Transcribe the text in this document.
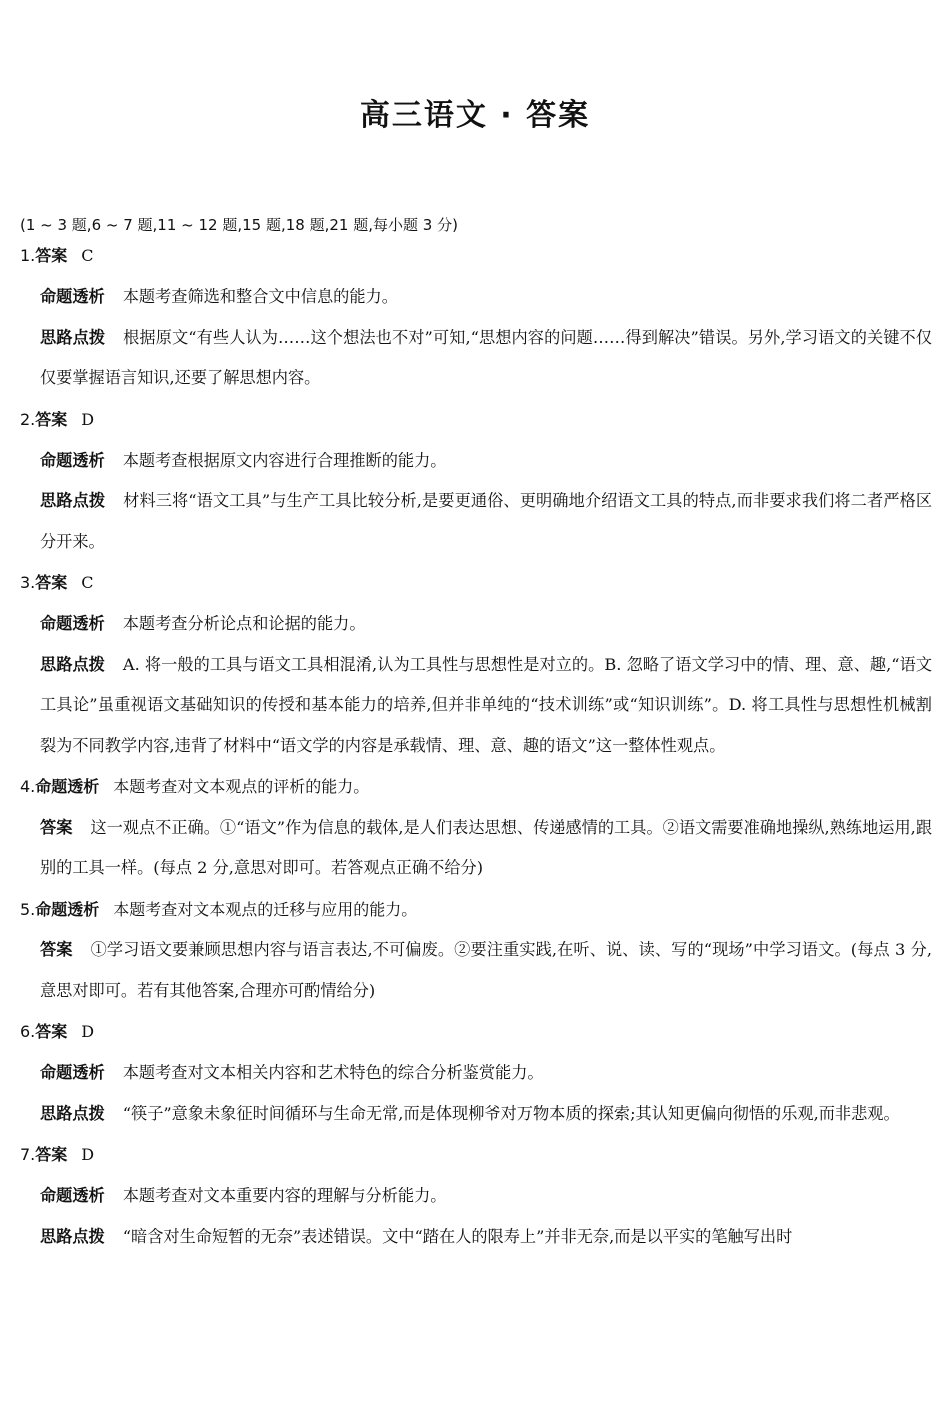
高三语文 · 答案
(1 ~ 3 题,6 ~ 7 题,11 ~ 12 题,15 题,18 题,21 题,每小题 3 分)
1.答案 C
命题透析 本题考查筛选和整合文中信息的能力。
思路点拨 根据原文“有些人认为……这个想法也不对”可知,“思想内容的问题……得到解决”错误。另外,学习语文的关键不仅仅要掌握语言知识,还要了解思想内容。
2.答案 D
命题透析 本题考查根据原文内容进行合理推断的能力。
思路点拨 材料三将“语文工具”与生产工具比较分析,是要更通俗、更明确地介绍语文工具的特点,而非要求我们将二者严格区分开来。
3.答案 C
命题透析 本题考查分析论点和论据的能力。
思路点拨 A. 将一般的工具与语文工具相混淆,认为工具性与思想性是对立的。B. 忽略了语文学习中的情、理、意、趣,“语文工具论”虽重视语文基础知识的传授和基本能力的培养,但并非单纯的“技术训练”或“知识训练”。D. 将工具性与思想性机械割裂为不同教学内容,违背了材料中“语文学的内容是承载情、理、意、趣的语文”这一整体性观点。
4.命题透析 本题考查对文本观点的评析的能力。
答案 这一观点不正确。①“语文”作为信息的载体,是人们表达思想、传递感情的工具。②语文需要准确地操纵,熟练地运用,跟别的工具一样。(每点 2 分,意思对即可。若答观点正确不给分)
5.命题透析 本题考查对文本观点的迁移与应用的能力。
答案 ①学习语文要兼顾思想内容与语言表达,不可偏废。②要注重实践,在听、说、读、写的“现场”中学习语文。(每点 3 分,意思对即可。若有其他答案,合理亦可酌情给分)
6.答案 D
命题透析 本题考查对文本相关内容和艺术特色的综合分析鉴赏能力。
思路点拨 “筷子”意象未象征时间循环与生命无常,而是体现柳爷对万物本质的探索;其认知更偏向彻悟的乐观,而非悲观。
7.答案 D
命题透析 本题考查对文本重要内容的理解与分析能力。
思路点拨 “暗含对生命短暂的无奈”表述错误。文中“踏在人的限寿上”并非无奈,而是以平实的笔触写出时
